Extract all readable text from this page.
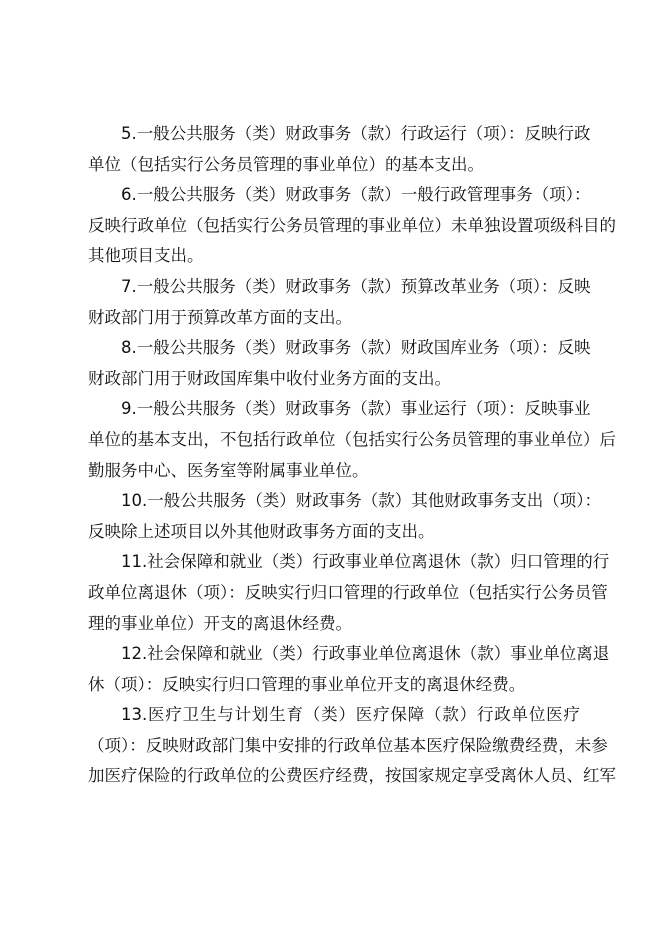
5.一般公共服务（类）财政事务（款）行政运行（项）：反映行政
单位（包括实行公务员管理的事业单位）的基本支出。
6.一般公共服务（类）财政事务（款）一般行政管理事务（项）：
反映行政单位（包括实行公务员管理的事业单位）未单独设置项级科目的
其他项目支出。
7.一般公共服务（类）财政事务（款）预算改革业务（项）：反映
财政部门用于预算改革方面的支出。
8.一般公共服务（类）财政事务（款）财政国库业务（项）：反映
财政部门用于财政国库集中收付业务方面的支出。
9.一般公共服务（类）财政事务（款）事业运行（项）：反映事业
单位的基本支出，不包括行政单位（包括实行公务员管理的事业单位）后
勤服务中心、医务室等附属事业单位。
10.一般公共服务（类）财政事务（款）其他财政事务支出（项）：
反映除上述项目以外其他财政事务方面的支出。
11.社会保障和就业（类）行政事业单位离退休（款）归口管理的行
政单位离退休（项）：反映实行归口管理的行政单位（包括实行公务员管
理的事业单位）开支的离退休经费。
12.社会保障和就业（类）行政事业单位离退休（款）事业单位离退
休（项）：反映实行归口管理的事业单位开支的离退休经费。
13.医疗卫生与计划生育（类）医疗保障（款）行政单位医疗
（项）：反映财政部门集中安排的行政单位基本医疗保险缴费经费，未参
加医疗保险的行政单位的公费医疗经费，按国家规定享受离休人员、红军
